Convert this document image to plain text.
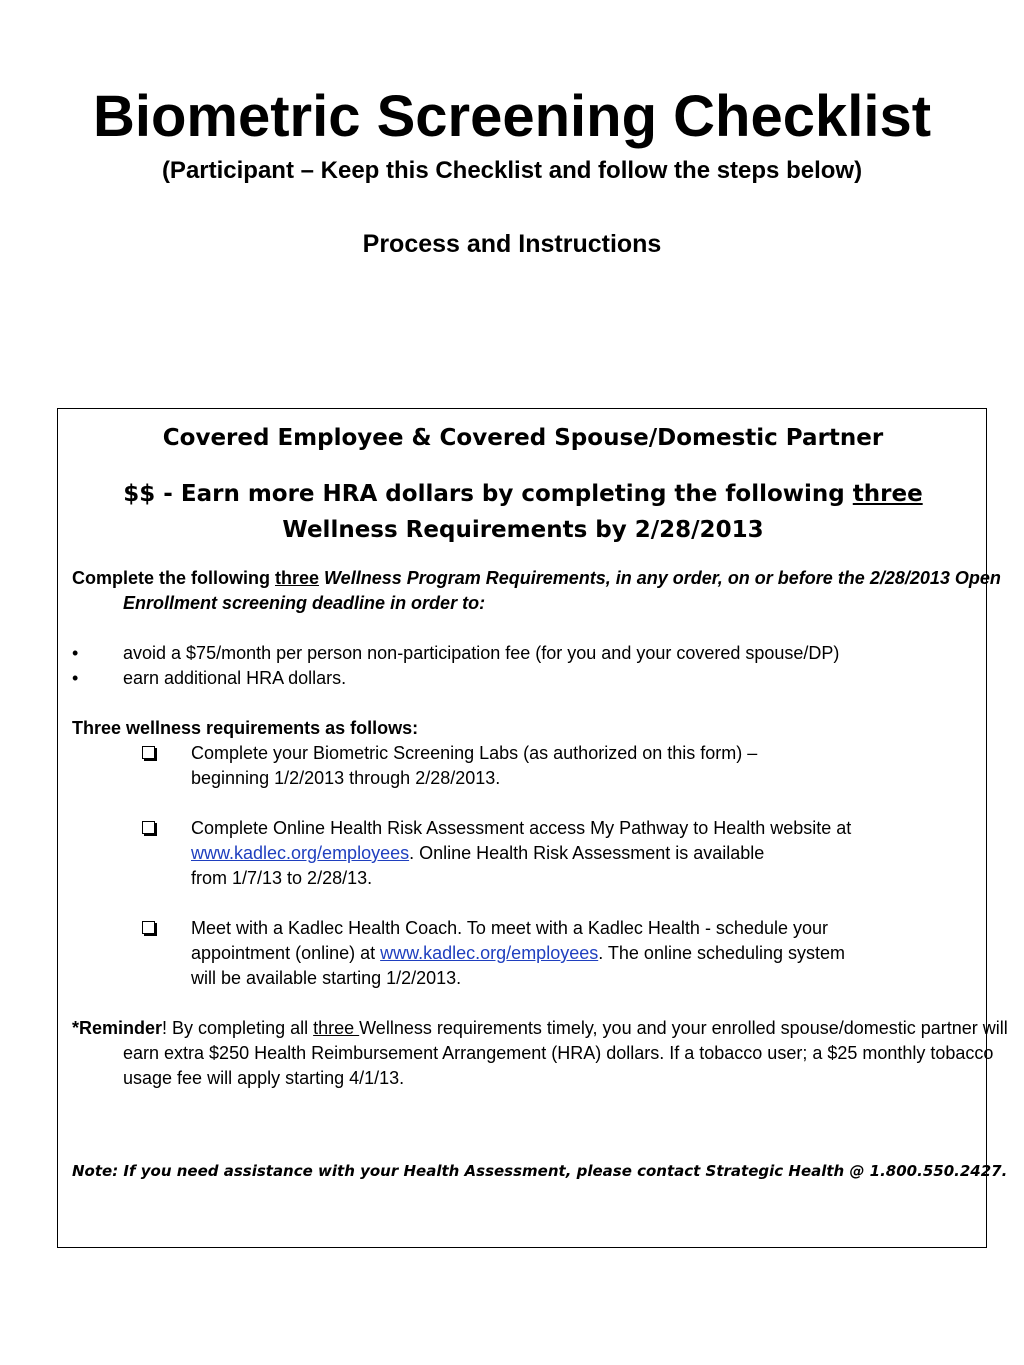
Biometric Screening Checklist
(Participant – Keep this Checklist and follow the steps below)
Process and Instructions
Covered Employee & Covered Spouse/Domestic Partner
$$ - Earn more HRA dollars by completing the following three Wellness Requirements by 2/28/2013

Complete the following three Wellness Program Requirements, in any order, on or before the 2/28/2013 Open Enrollment screening deadline in order to:

•	avoid a $75/month per person non-participation fee (for you and your covered spouse/DP)
•	earn additional HRA dollars.

Three wellness requirements as follows:

Complete your Biometric Screening Labs (as authorized on this form) –
beginning 1/2/2013 through 2/28/2013.
Complete Online Health Risk Assessment access My Pathway to Health website at
www.kadlec.org/employees. Online Health Risk Assessment is available
from 1/7/13 to 2/28/13.
Meet with a Kadlec Health Coach. To meet with a Kadlec Health - schedule your
appointment (online) at www.kadlec.org/employees. The online scheduling system
will be available starting 1/2/2013.

*Reminder! By completing all three Wellness requirements timely, you and your enrolled spouse/domestic partner will earn extra $250 Health Reimbursement Arrangement (HRA) dollars. If a tobacco user; a $25 monthly tobacco usage fee will apply starting 4/1/13.

Note: If you need assistance with your Health Assessment, please contact Strategic Health @ 1.800.550.2427.
